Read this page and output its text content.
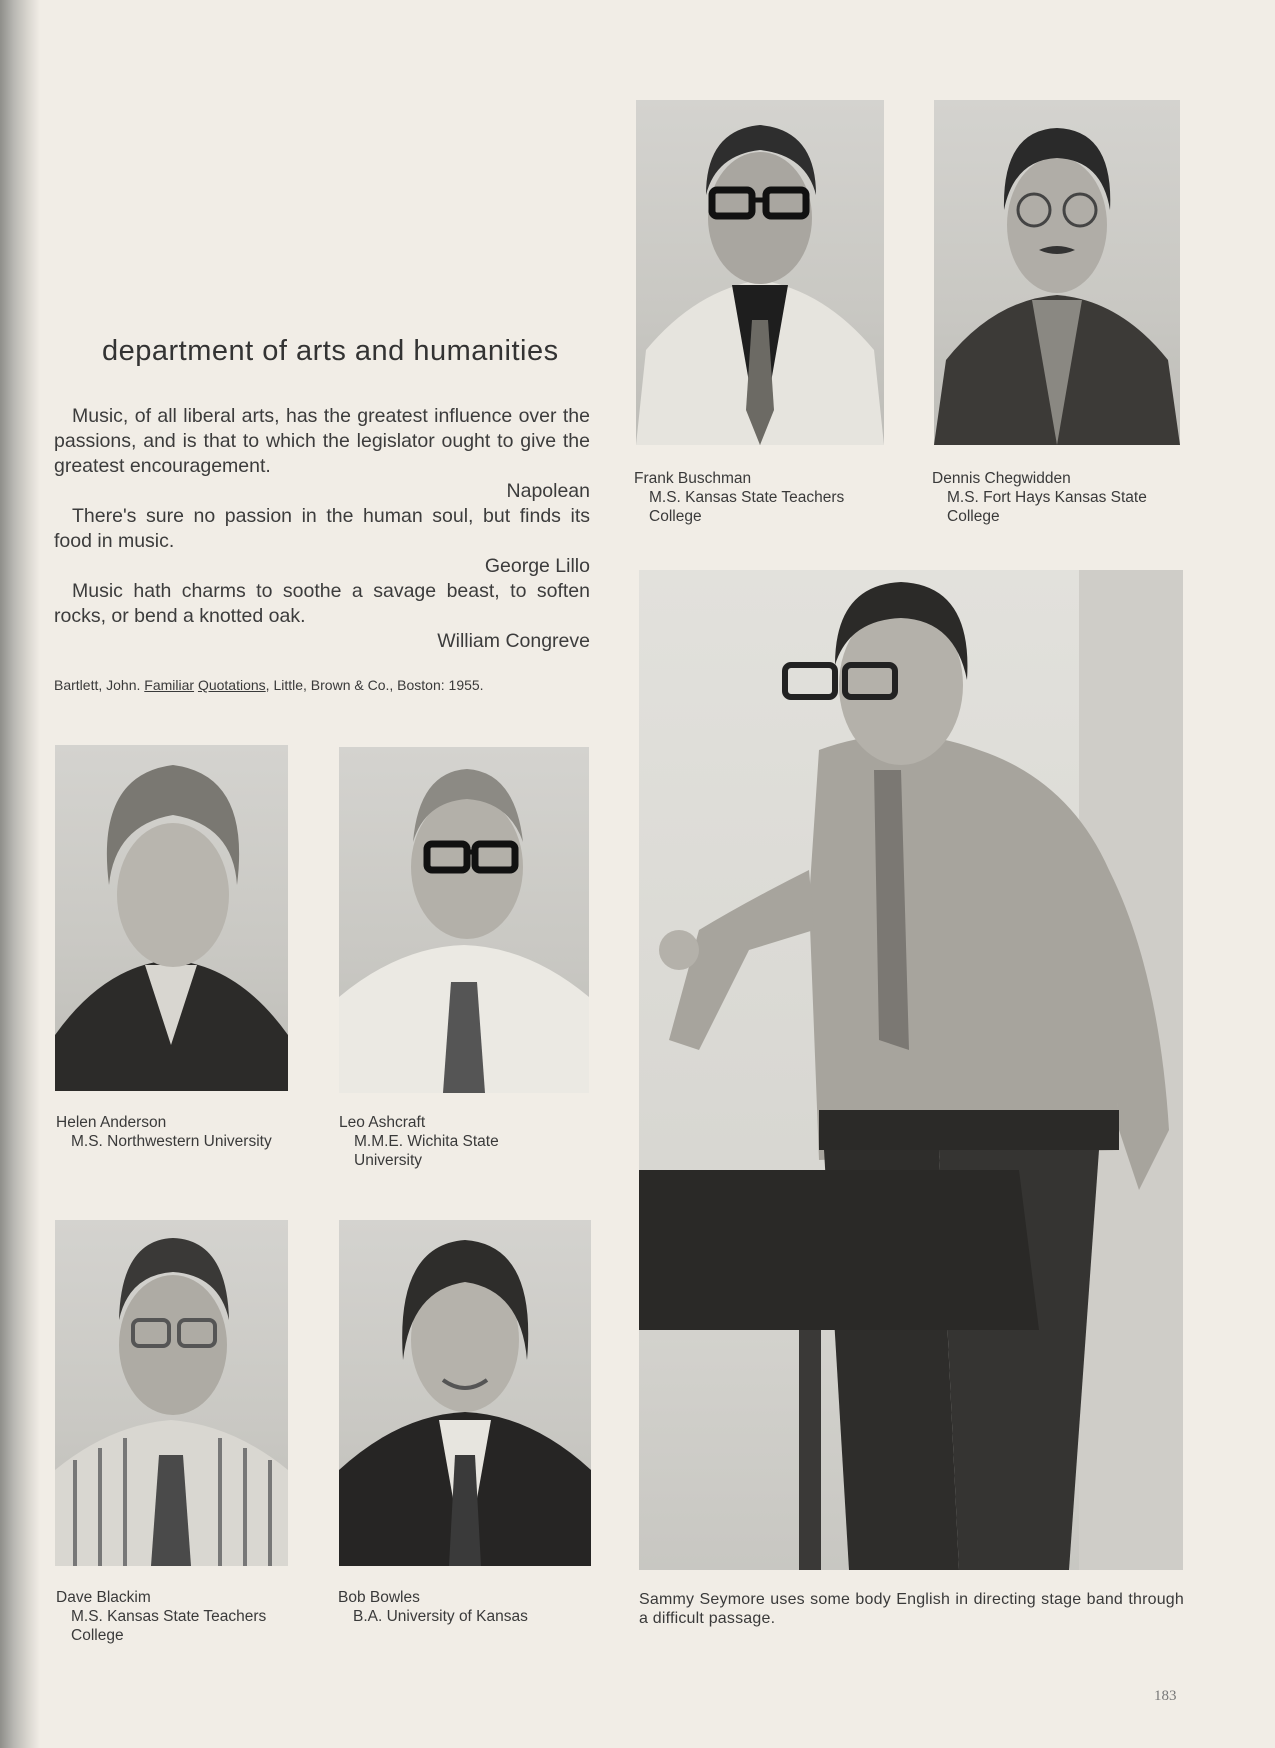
department of arts and humanities

Music, of all liberal arts, has the greatest influence over the passions, and is that to which the legislator ought to give the greatest encouragement.

Napolean

There's sure no passion in the human soul, but finds its food in music.

George Lillo

Music hath charms to soothe a savage beast, to soften rocks, or bend a knotted oak.

William Congreve

Bartlett, John. Familiar Quotations, Little, Brown & Co., Boston: 1955.
Frank Buschman
M.S. Kansas State Teachers College
Dennis Chegwidden
M.S. Fort Hays Kansas State College
Helen Anderson
M.S. Northwestern University
Leo Ashcraft
M.M.E. Wichita State University
Dave Blackim
M.S. Kansas State Teachers College
Bob Bowles
B.A. University of Kansas
Sammy Seymore uses some body English in directing stage band through a difficult passage.
183
